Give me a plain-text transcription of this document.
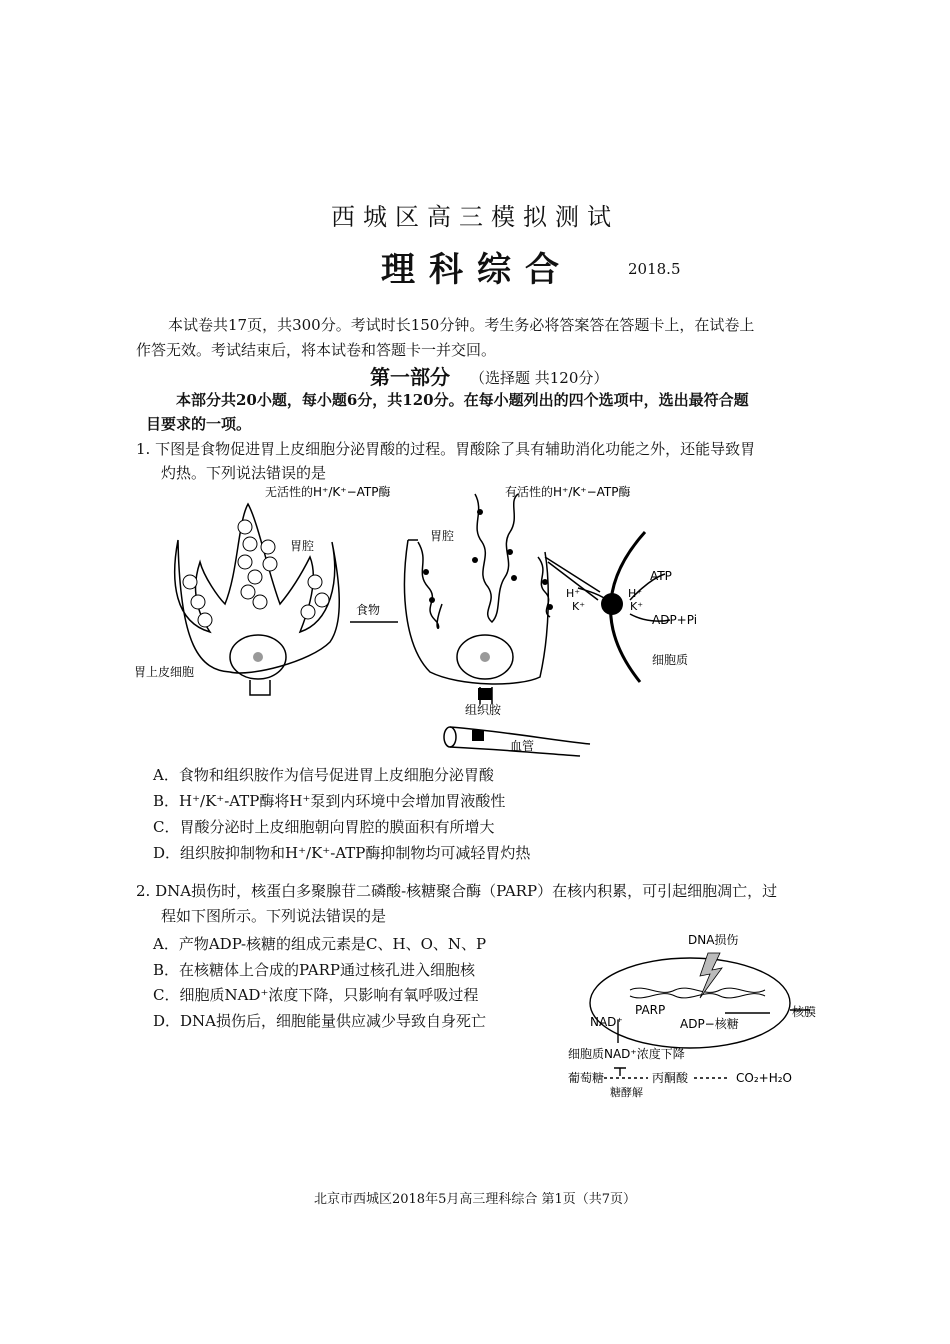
西城区高三模拟测试
理科综合	2018.5
本试卷共17页，共300分。考试时长150分钟。考生务必将答案答在答题卡上，在试卷上
作答无效。考试结束后，将本试卷和答题卡一并交回。
第一部分 （选择题 共120分）
本部分共20小题，每小题6分，共120分。在每小题列出的四个选项中，选出最符合题
目要求的一项。
1. 下图是食物促进胃上皮细胞分泌胃酸的过程。胃酸除了具有辅助消化功能之外，还能导致胃
灼热。下列说法错误的是
无活性的H⁺/K⁺−ATP酶	有活性的H⁺/K⁺−ATP酶
胃腔
胃腔
食物
胃上皮细胞
组织胺
血管
ATP
H⁺
K⁺
H⁺
K⁺
ADP+Pi
细胞质
A．食物和组织胺作为信号促进胃上皮细胞分泌胃酸
B．H⁺/K⁺-ATP酶将H⁺泵到内环境中会增加胃液酸性
C．胃酸分泌时上皮细胞朝向胃腔的膜面积有所增大
D．组织胺抑制物和H⁺/K⁺-ATP酶抑制物均可减轻胃灼热
2. DNA损伤时，核蛋白多聚腺苷二磷酸-核糖聚合酶（PARP）在核内积累，可引起细胞凋亡，过
程如下图所示。下列说法错误的是
A．产物ADP-核糖的组成元素是C、H、O、N、P
B．在核糖体上合成的PARP通过核孔进入细胞核
C．细胞质NAD⁺浓度下降，只影响有氧呼吸过程
D．DNA损伤后，细胞能量供应减少导致自身死亡
DNA损伤
PARP
NAD⁺	ADP−核糖
核膜
细胞质NAD⁺浓度下降
葡萄糖
糖酵解
丙酮酸	CO₂+H₂O
北京市西城区2018年5月高三理科综合 第1页（共7页）
